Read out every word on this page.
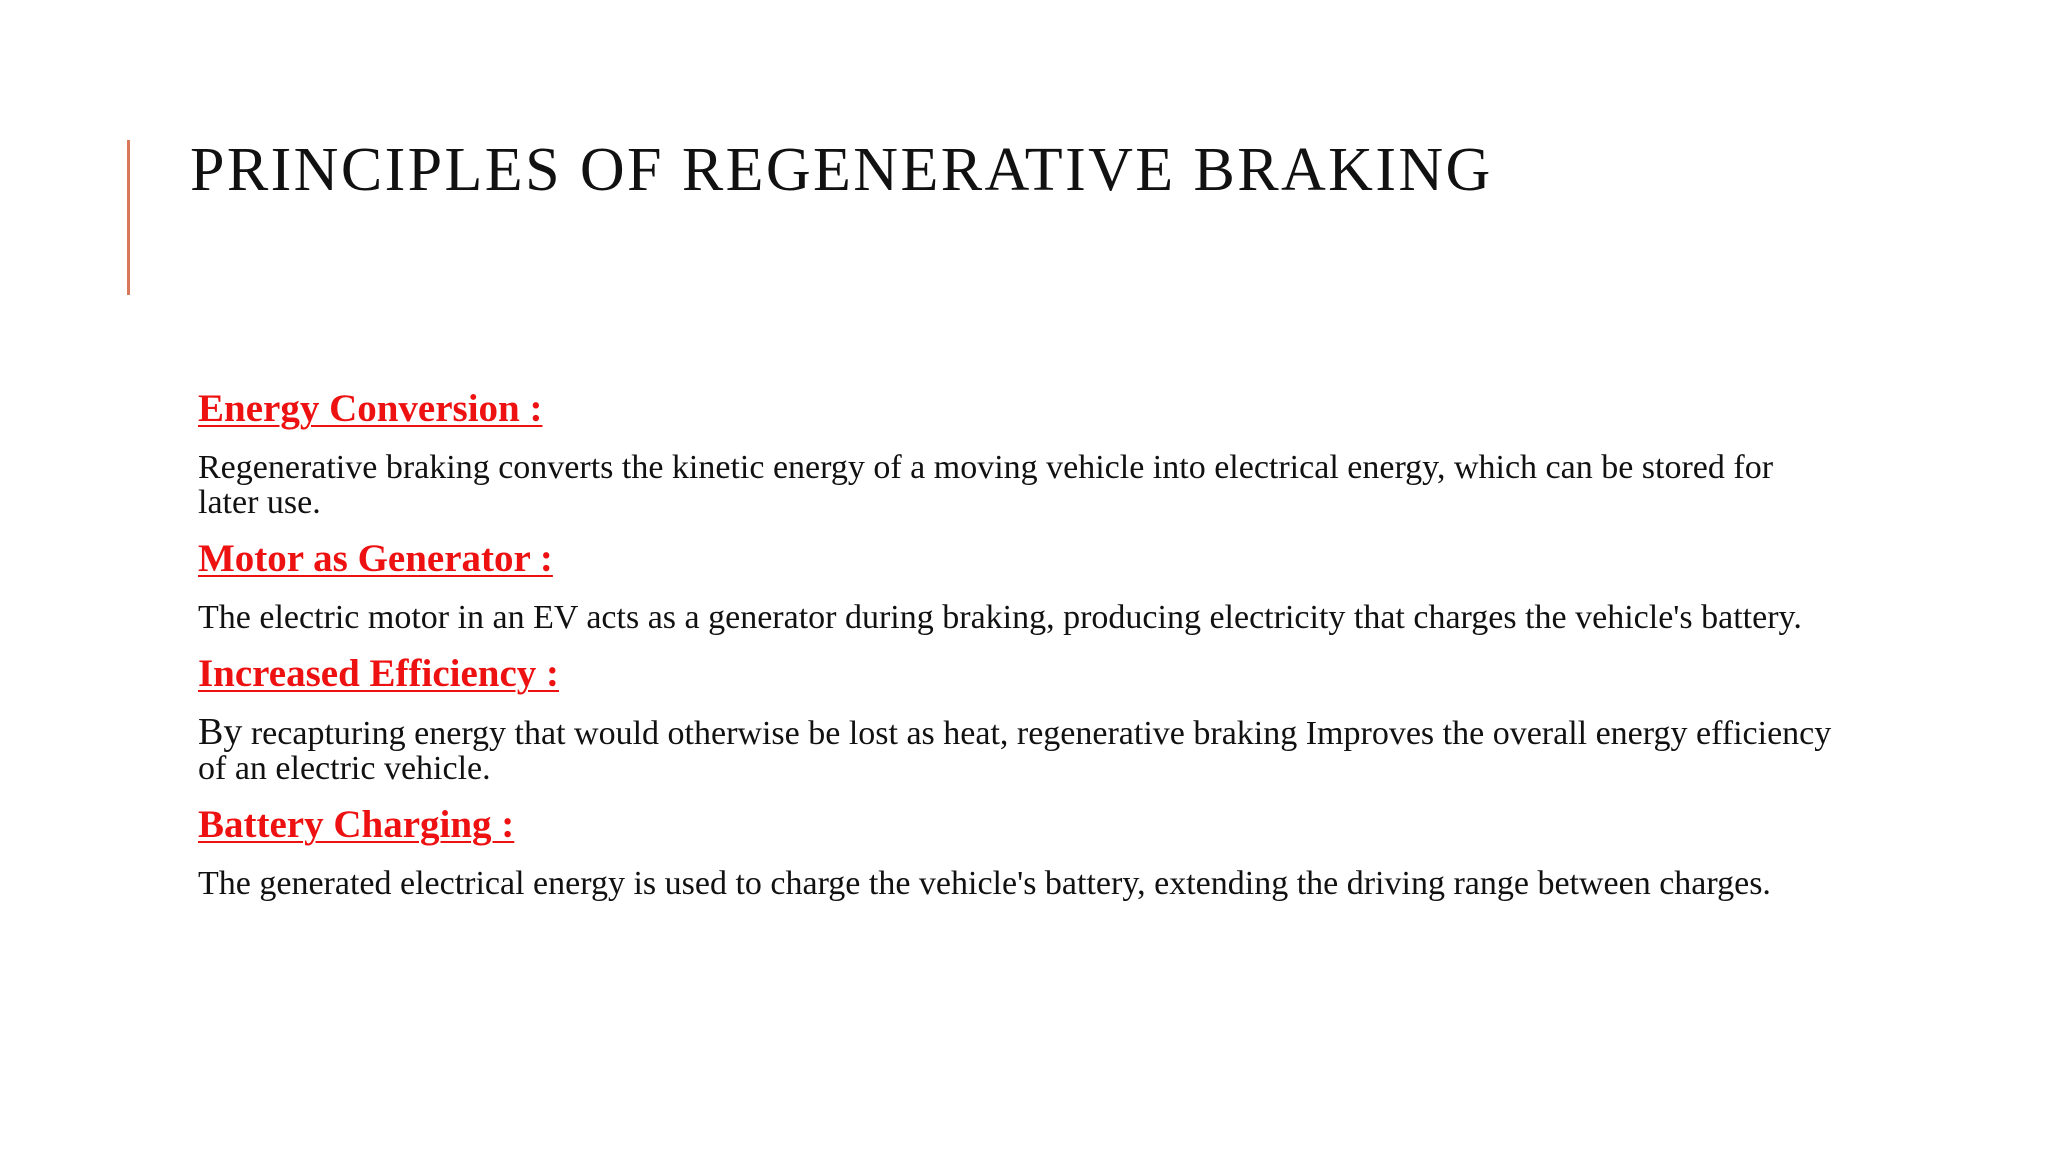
PRINCIPLES OF REGENERATIVE BRAKING
Energy Conversion :
Regenerative braking converts the kinetic energy of a moving vehicle into electrical energy, which can be stored for later use.
Motor as Generator :
The electric motor in an EV acts as a generator during braking, producing electricity that charges the vehicle's battery.
Increased Efficiency :
By recapturing energy that would otherwise be lost as heat, regenerative braking Improves the overall energy efficiency of an electric vehicle.
Battery Charging :
The generated electrical energy is used to charge the vehicle's battery, extending the driving range between charges.
